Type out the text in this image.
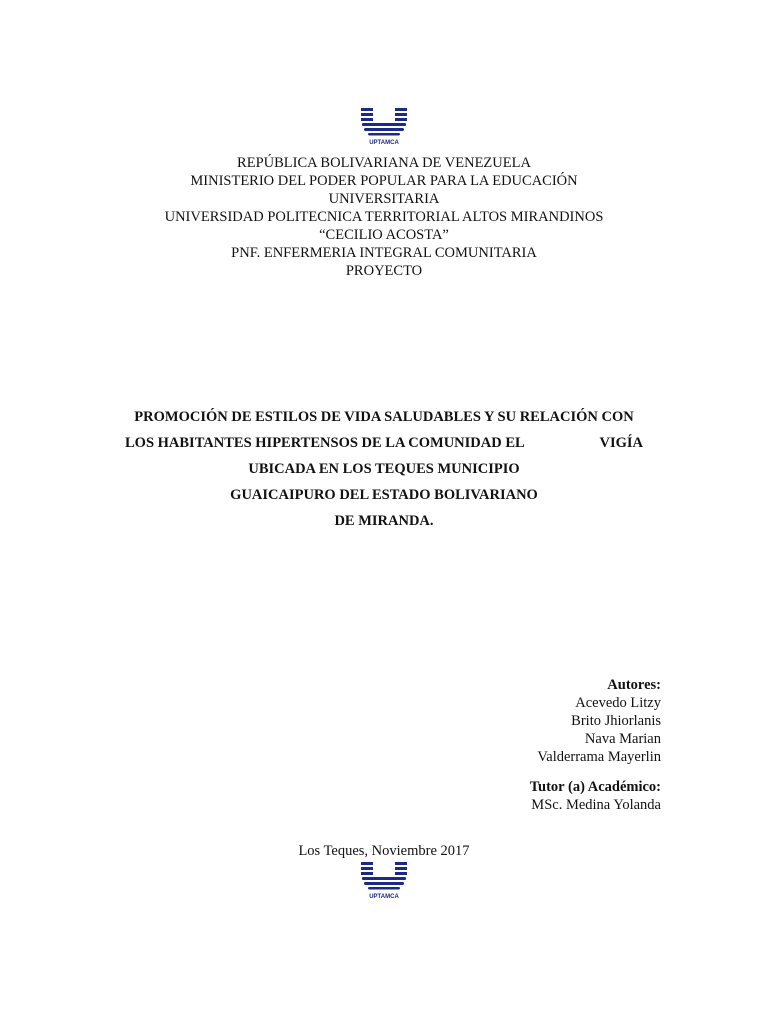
UPTAMCA
REPÚBLICA BOLIVARIANA DE VENEZUELA
MINISTERIO DEL PODER POPULAR PARA LA EDUCACIÓN
UNIVERSITARIA
UNIVERSIDAD POLITECNICA TERRITORIAL ALTOS MIRANDINOS
“CECILIO ACOSTA”
PNF. ENFERMERIA INTEGRAL COMUNITARIA
PROYECTO
PROMOCIÓN DE ESTILOS DE VIDA SALUDABLES Y SU RELACIÓN CON
LOS HABITANTES HIPERTENSOS DE LA COMUNIDAD EL	VIGÍA
UBICADA EN LOS TEQUES MUNICIPIO
GUAICAIPURO DEL ESTADO BOLIVARIANO
DE MIRANDA.
Autores:
Acevedo Litzy
Brito Jhiorlanis
Nava Marian
Valderrama Mayerlin
Tutor (a) Académico:
MSc. Medina Yolanda
Los Teques, Noviembre 2017
UPTAMCA
